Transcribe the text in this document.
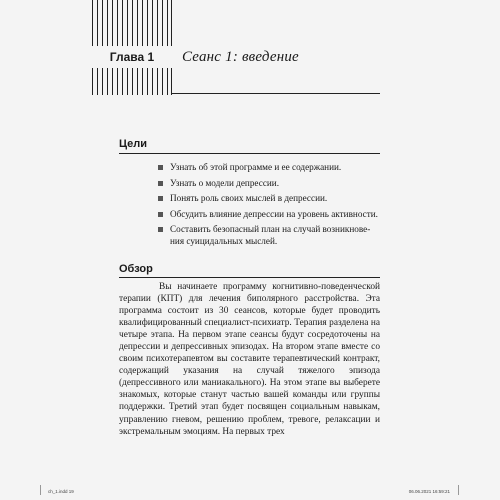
Глава 1	Сеанс 1: введение
Цели
Узнать об этой программе и ее содержании.
Узнать о модели депрессии.
Понять роль своих мыслей в депрессии.
Обсудить влияние депрессии на уровень активности.
Составить безопасный план на случай возникнове-ния суицидальных мыслей.
Обзор

Вы начинаете программу когнитивно-поведенческой терапии (КПТ) для лечения биполярного расстройства. Эта программа состоит из 30 сеансов, которые будет проводить квалифицированный специалист-психиатр. Терапия разделена на четыре этапа. На первом этапе сеансы будут сосредоточены на депрессии и депрессивных эпизодах. На втором этапе вместе со своим психотерапевтом вы составите терапевтический контракт, содержащий указания на случай тяжелого эпизода (депрессивного или маниакального). На этом этапе вы выберете знакомых, которые станут частью вашей команды или группы поддержки. Третий этап будет посвящен социальным навыкам, управлению гневом, решению проблем, тревоге, релаксации и экстремальным эмоциям. На первых трех

ch_1.indd 19	06.06.2021 16:59:21
